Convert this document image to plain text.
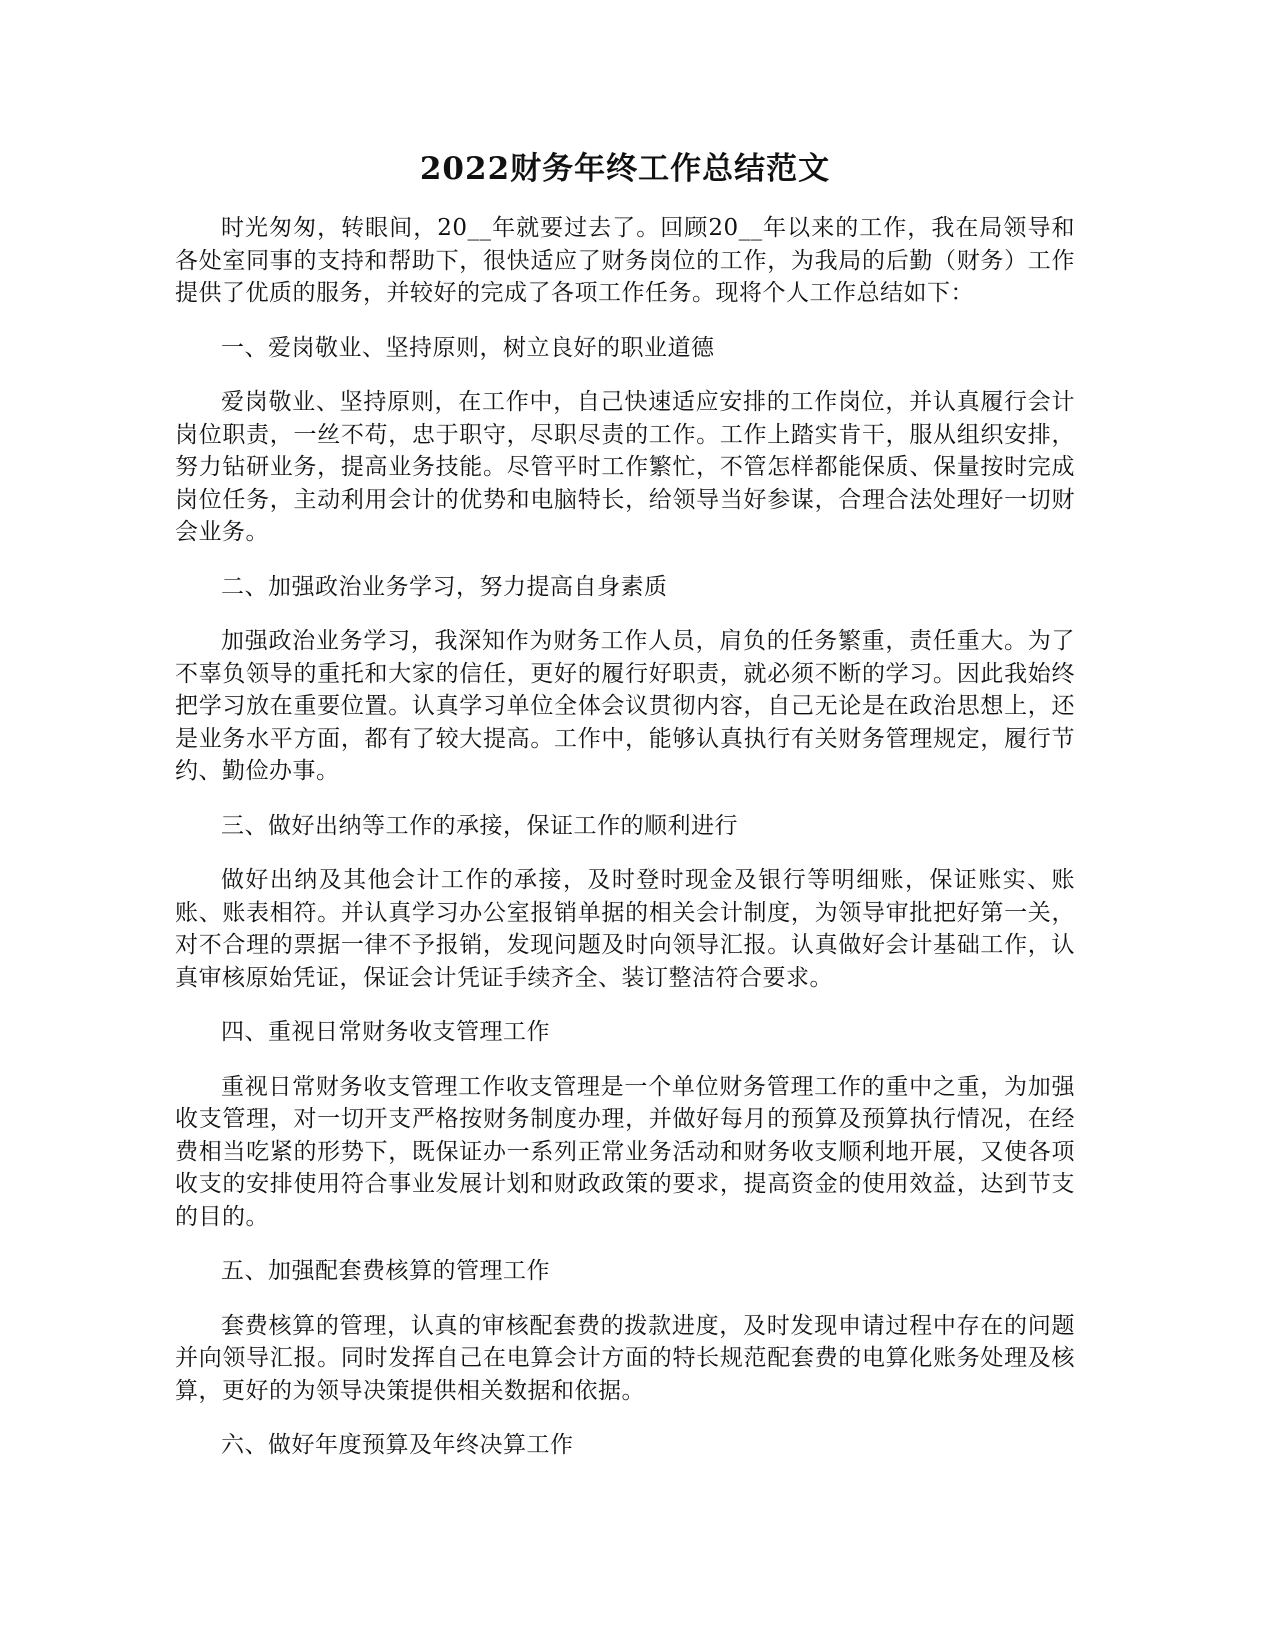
2022财务年终工作总结范文

时光匆匆，转眼间，20__年就要过去了。回顾20__年以来的工作，我在局领导和各处室同事的支持和帮助下，很快适应了财务岗位的工作，为我局的后勤（财务）工作提供了优质的服务，并较好的完成了各项工作任务。现将个人工作总结如下：

一、爱岗敬业、坚持原则，树立良好的职业道德

爱岗敬业、坚持原则，在工作中，自己快速适应安排的工作岗位，并认真履行会计岗位职责，一丝不苟，忠于职守，尽职尽责的工作。工作上踏实肯干，服从组织安排，努力钻研业务，提高业务技能。尽管平时工作繁忙，不管怎样都能保质、保量按时完成岗位任务，主动利用会计的优势和电脑特长，给领导当好参谋，合理合法处理好一切财会业务。

二、加强政治业务学习，努力提高自身素质

加强政治业务学习，我深知作为财务工作人员，肩负的任务繁重，责任重大。为了不辜负领导的重托和大家的信任，更好的履行好职责，就必须不断的学习。因此我始终把学习放在重要位置。认真学习单位全体会议贯彻内容，自己无论是在政治思想上，还是业务水平方面，都有了较大提高。工作中，能够认真执行有关财务管理规定，履行节约、勤俭办事。

三、做好出纳等工作的承接，保证工作的顺利进行

做好出纳及其他会计工作的承接，及时登时现金及银行等明细账，保证账实、账账、账表相符。并认真学习办公室报销单据的相关会计制度，为领导审批把好第一关，对不合理的票据一律不予报销，发现问题及时向领导汇报。认真做好会计基础工作，认真审核原始凭证，保证会计凭证手续齐全、装订整洁符合要求。

四、重视日常财务收支管理工作

重视日常财务收支管理工作收支管理是一个单位财务管理工作的重中之重，为加强收支管理，对一切开支严格按财务制度办理，并做好每月的预算及预算执行情况，在经费相当吃紧的形势下，既保证办一系列正常业务活动和财务收支顺利地开展，又使各项收支的安排使用符合事业发展计划和财政政策的要求，提高资金的使用效益，达到节支的目的。

五、加强配套费核算的管理工作

套费核算的管理，认真的审核配套费的拨款进度，及时发现申请过程中存在的问题并向领导汇报。同时发挥自己在电算会计方面的特长规范配套费的电算化账务处理及核算，更好的为领导决策提供相关数据和依据。

六、做好年度预算及年终决算工作
